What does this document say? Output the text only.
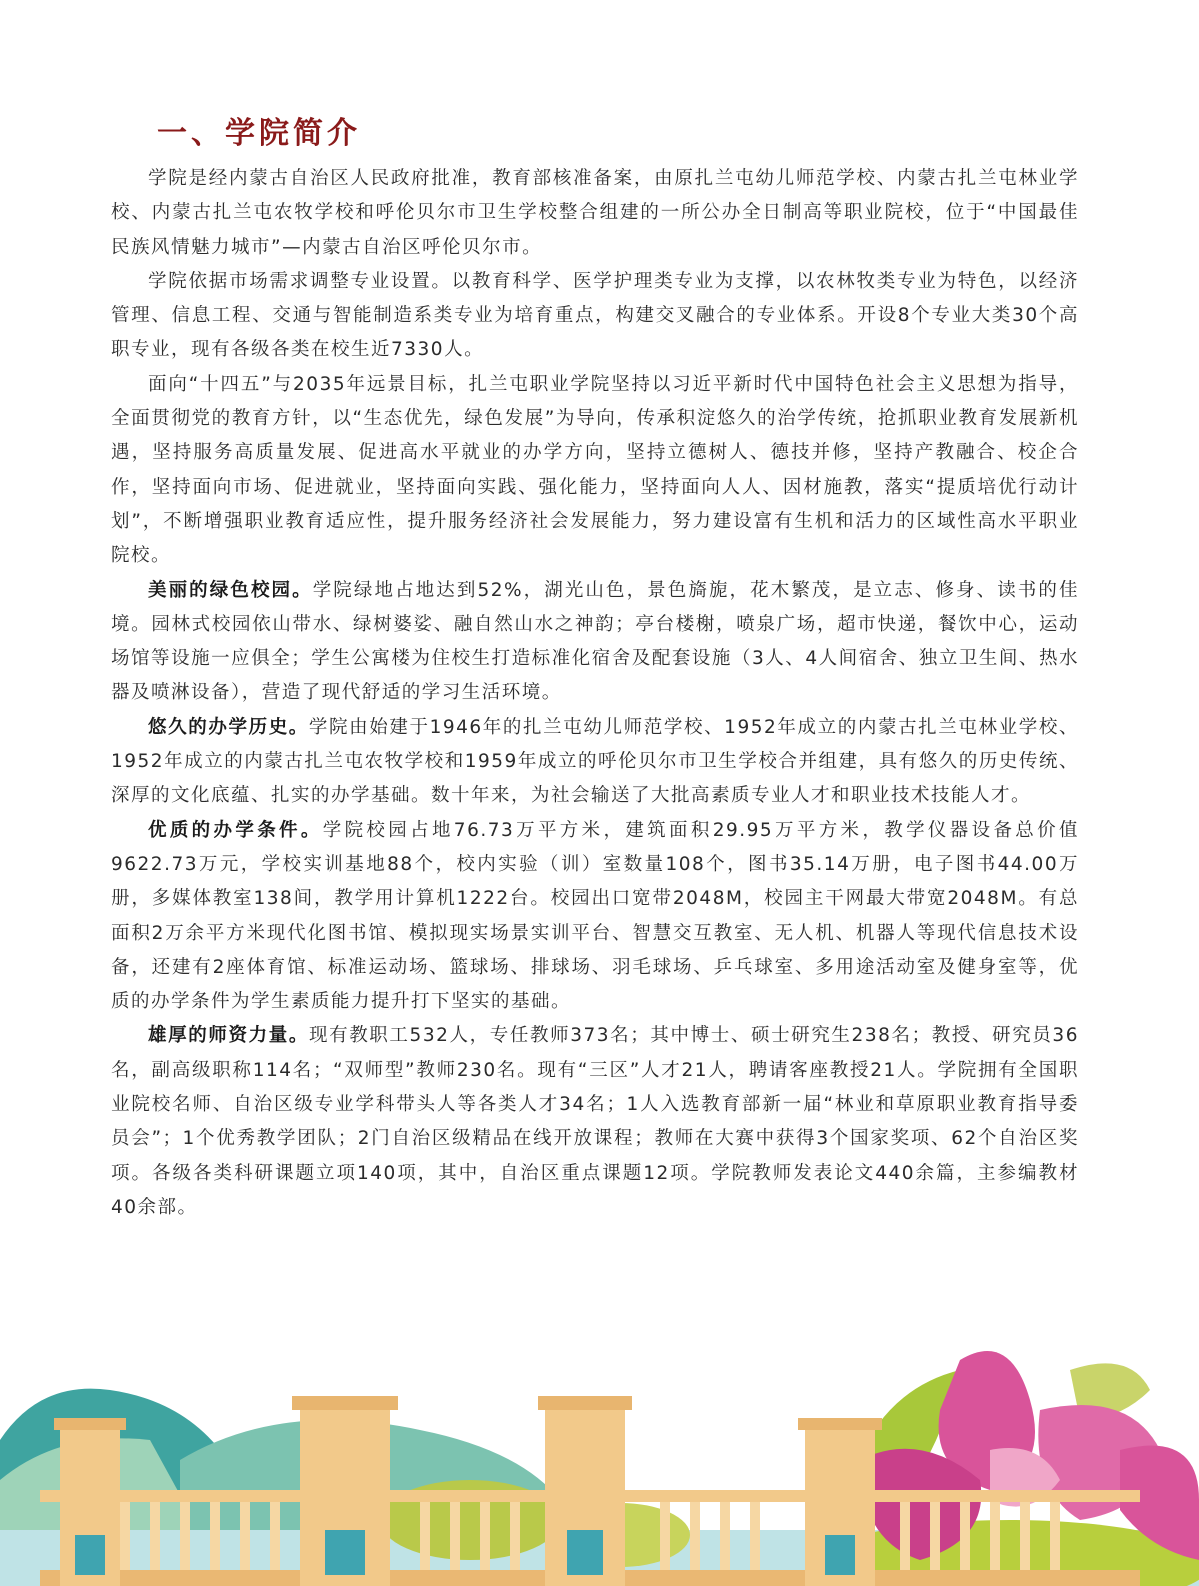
一、学院简介

学院是经内蒙古自治区人民政府批准，教育部核准备案，由原扎兰屯幼儿师范学校、内蒙古扎兰屯林业学校、内蒙古扎兰屯农牧学校和呼伦贝尔市卫生学校整合组建的一所公办全日制高等职业院校，位于“中国最佳民族风情魅力城市”—内蒙古自治区呼伦贝尔市。

学院依据市场需求调整专业设置。以教育科学、医学护理类专业为支撑，以农林牧类专业为特色，以经济管理、信息工程、交通与智能制造系类专业为培育重点，构建交叉融合的专业体系。开设8个专业大类30个高职专业，现有各级各类在校生近7330人。

面向“十四五”与2035年远景目标，扎兰屯职业学院坚持以习近平新时代中国特色社会主义思想为指导，全面贯彻党的教育方针，以“生态优先，绿色发展”为导向，传承积淀悠久的治学传统，抢抓职业教育发展新机遇，坚持服务高质量发展、促进高水平就业的办学方向，坚持立德树人、德技并修，坚持产教融合、校企合作，坚持面向市场、促进就业，坚持面向实践、强化能力，坚持面向人人、因材施教，落实“提质培优行动计划”，不断增强职业教育适应性，提升服务经济社会发展能力，努力建设富有生机和活力的区域性高水平职业院校。

美丽的绿色校园。学院绿地占地达到52%，湖光山色，景色旖旎，花木繁茂，是立志、修身、读书的佳境。园林式校园依山带水、绿树婆娑、融自然山水之神韵；亭台楼榭，喷泉广场，超市快递，餐饮中心，运动场馆等设施一应俱全；学生公寓楼为住校生打造标准化宿舍及配套设施（3人、4人间宿舍、独立卫生间、热水器及喷淋设备），营造了现代舒适的学习生活环境。

悠久的办学历史。学院由始建于1946年的扎兰屯幼儿师范学校、1952年成立的内蒙古扎兰屯林业学校、1952年成立的内蒙古扎兰屯农牧学校和1959年成立的呼伦贝尔市卫生学校合并组建，具有悠久的历史传统、深厚的文化底蕴、扎实的办学基础。数十年来，为社会输送了大批高素质专业人才和职业技术技能人才。

优质的办学条件。学院校园占地76.73万平方米，建筑面积29.95万平方米，教学仪器设备总价值9622.73万元，学校实训基地88个，校内实验（训）室数量108个，图书35.14万册，电子图书44.00万册，多媒体教室138间，教学用计算机1222台。校园出口宽带2048M，校园主干网最大带宽2048M。有总面积2万余平方米现代化图书馆、模拟现实场景实训平台、智慧交互教室、无人机、机器人等现代信息技术设备，还建有2座体育馆、标准运动场、篮球场、排球场、羽毛球场、乒乓球室、多用途活动室及健身室等，优质的办学条件为学生素质能力提升打下坚实的基础。

雄厚的师资力量。现有教职工532人，专任教师373名；其中博士、硕士研究生238名；教授、研究员36名，副高级职称114名；“双师型”教师230名。现有“三区”人才21人，聘请客座教授21人。学院拥有全国职业院校名师、自治区级专业学科带头人等各类人才34名；1人入选教育部新一届“林业和草原职业教育指导委员会”；1个优秀教学团队；2门自治区级精品在线开放课程；教师在大赛中获得3个国家奖项、62个自治区奖项。各级各类科研课题立项140项，其中，自治区重点课题12项。学院教师发表论文440余篇，主参编教材40余部。
